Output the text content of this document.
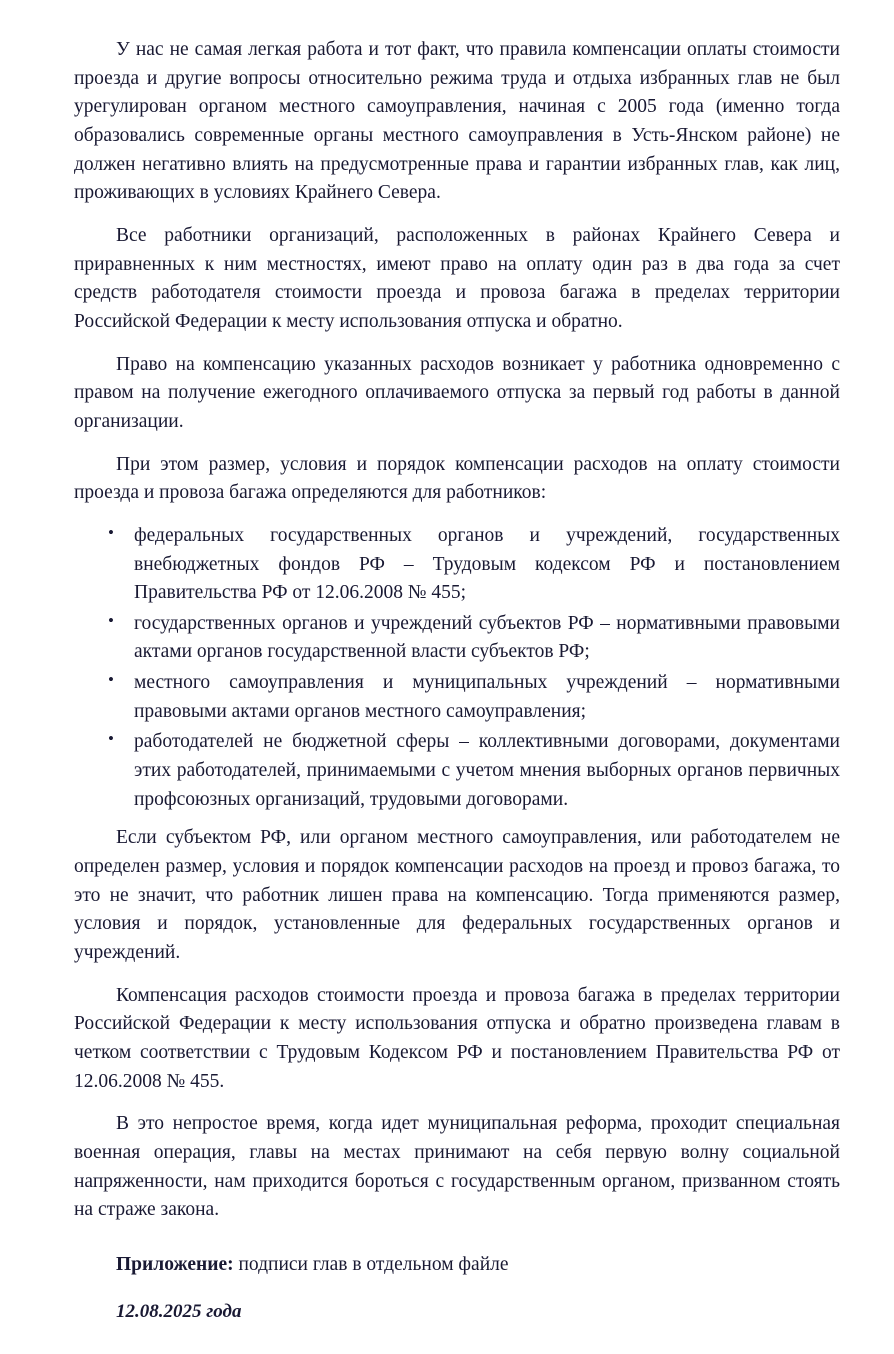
У нас не самая легкая работа и тот факт, что правила компенсации оплаты стоимости проезда и другие вопросы относительно режима труда и отдыха избранных глав не был урегулирован органом местного самоуправления, начиная с 2005 года (именно тогда образовались современные органы местного самоуправления в Усть-Янском районе) не должен негативно влиять на предусмотренные права и гарантии избранных глав, как лиц, проживающих в условиях Крайнего Севера.

Все работники организаций, расположенных в районах Крайнего Севера и приравненных к ним местностях, имеют право на оплату один раз в два года за счет средств работодателя стоимости проезда и провоза багажа в пределах территории Российской Федерации к месту использования отпуска и обратно.

Право на компенсацию указанных расходов возникает у работника одновременно с правом на получение ежегодного оплачиваемого отпуска за первый год работы в данной организации.

При этом размер, условия и порядок компенсации расходов на оплату стоимости проезда и провоза багажа определяются для работников:

• федеральных государственных органов и учреждений, государственных внебюджетных фондов РФ – Трудовым кодексом РФ и постановлением Правительства РФ от 12.06.2008 № 455;
• государственных органов и учреждений субъектов РФ – нормативными правовыми актами органов государственной власти субъектов РФ;
• местного самоуправления и муниципальных учреждений – нормативными правовыми актами органов местного самоуправления;
• работодателей не бюджетной сферы – коллективными договорами, документами этих работодателей, принимаемыми с учетом мнения выборных органов первичных профсоюзных организаций, трудовыми договорами.

Если субъектом РФ, или органом местного самоуправления, или работодателем не определен размер, условия и порядок компенсации расходов на проезд и провоз багажа, то это не значит, что работник лишен права на компенсацию. Тогда применяются размер, условия и порядок, установленные для федеральных государственных органов и учреждений.

Компенсация расходов стоимости проезда и провоза багажа в пределах территории Российской Федерации к месту использования отпуска и обратно произведена главам в четком соответствии с Трудовым Кодексом РФ и постановлением Правительства РФ от 12.06.2008 № 455.

В это непростое время, когда идет муниципальная реформа, проходит специальная военная операция, главы на местах принимают на себя первую волну социальной напряженности, нам приходится бороться с государственным органом, призванном стоять на страже закона.

Приложение: подписи глав в отдельном файле

12.08.2025 года
